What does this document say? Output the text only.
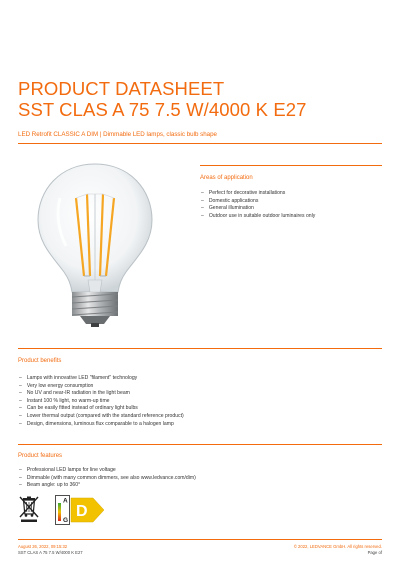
PRODUCT DATASHEET
SST CLAS A 75 7.5 W/4000 K E27
LED Retrofit CLASSIC A DIM | Dimmable LED lamps, classic bulb shape
Areas of application
– Perfect for decorative installations
– Domestic applications
– General illumination
– Outdoor use in suitable outdoor luminaires only
Product benefits
– Lamps with innovative LED "filament" technology
– Very low energy consumption
– No UV and near-IR radiation in the light beam
– Instant 100 % light, no warm-up time
– Can be easily fitted instead of ordinary light bulbs
– Lower thermal output (compared with the standard reference product)
– Design, dimensions, luminous flux comparable to a halogen lamp
Product features
– Professional LED lamps for line voltage
– Dimmable (with many common dimmers, see also www.ledvance.com/dim)
– Beam angle: up to 360°
A
G
D
August 26, 2022, 09:15:32
SST CLAS A 75 7.5 W/4000 K E27
© 2022, LEDVANCE GmbH. All rights reserved.
Page of
